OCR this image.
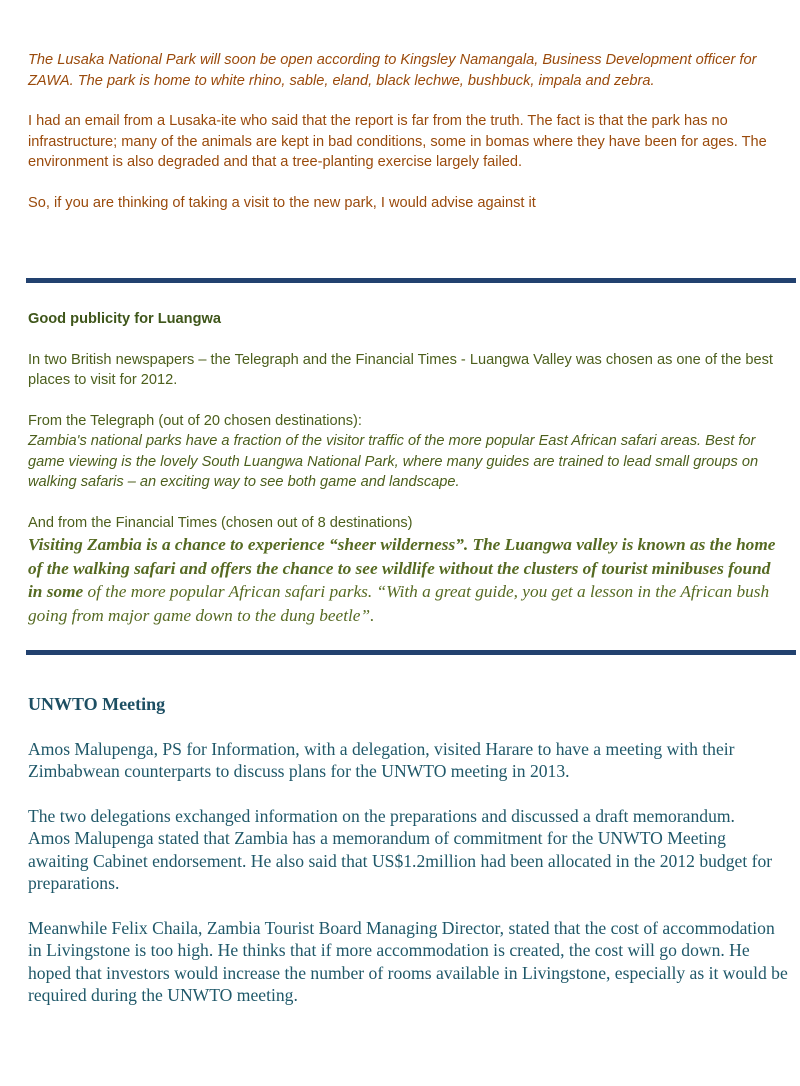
The Lusaka National Park will soon be open according to Kingsley Namangala, Business Development officer for ZAWA. The park is home to white rhino, sable, eland, black lechwe, bushbuck, impala and zebra.

I had an email from a Lusaka-ite who said that the report is far from the truth. The fact is that the park has no infrastructure; many of the animals are kept in bad conditions, some in bomas where they have been for ages. The environment is also degraded and that a tree-planting exercise largely failed.

So, if you are thinking of taking a visit to the new park, I would advise against it

Good publicity for Luangwa

In two British newspapers – the Telegraph and the Financial Times - Luangwa Valley was chosen as one of the best places to visit for 2012.

From the Telegraph (out of 20 chosen destinations):

Zambia's national parks have a fraction of the visitor traffic of the more popular East African safari areas. Best for game viewing is the lovely South Luangwa National Park, where many guides are trained to lead small groups on walking safaris – an exciting way to see both game and landscape.

And from the Financial Times (chosen out of 8 destinations)

Visiting Zambia is a chance to experience “sheer wilderness”. The Luangwa valley is known as the home of the walking safari and offers the chance to see wildlife without the clusters of tourist minibuses found in some of the more popular African safari parks. “With a great guide, you get a lesson in the African bush going from major game down to the dung beetle”.

UNWTO Meeting

Amos Malupenga, PS for Information, with a delegation, visited Harare to have a meeting with their Zimbabwean counterparts to discuss plans for the UNWTO meeting in 2013.

The two delegations exchanged information on the preparations and discussed a draft memorandum.

Amos Malupenga stated that Zambia has a memorandum of commitment for the UNWTO Meeting awaiting Cabinet endorsement. He also said that US$1.2million had been allocated in the 2012 budget for preparations.

Meanwhile Felix Chaila, Zambia Tourist Board Managing Director, stated that the cost of accommodation in Livingstone is too high. He thinks that if more accommodation is created, the cost will go down. He hoped that investors would increase the number of rooms available in Livingstone, especially as it would be required during the UNWTO meeting.
